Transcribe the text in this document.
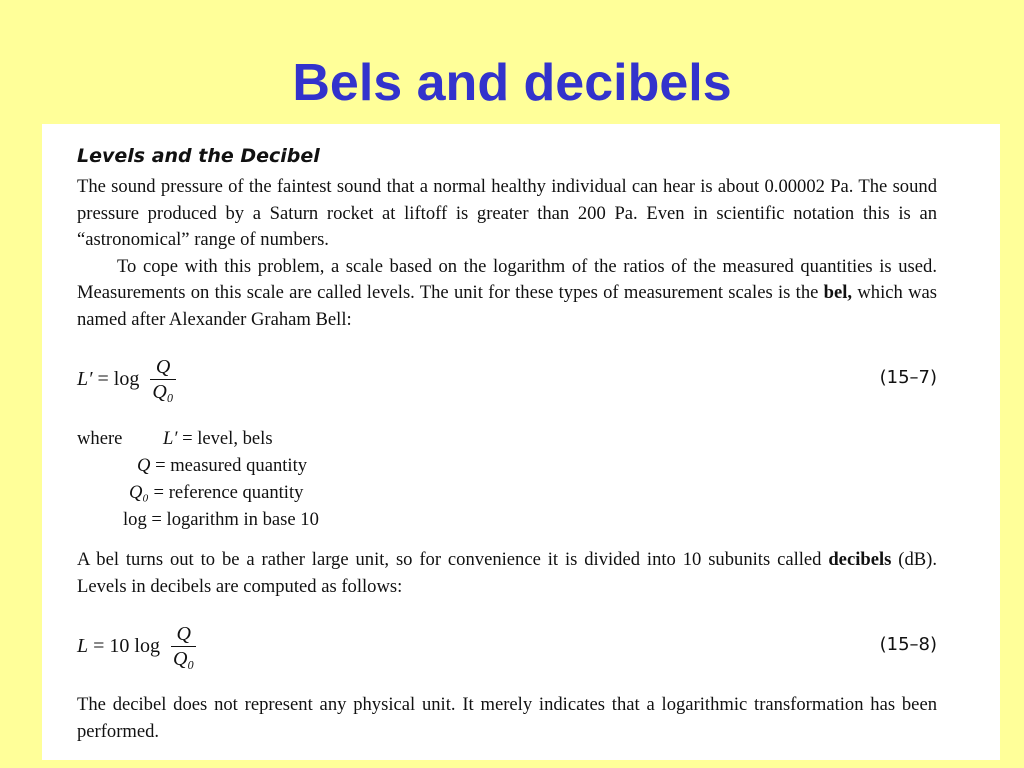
Bels and decibels
Levels and the Decibel

The sound pressure of the faintest sound that a normal healthy individual can hear is about 0.00002 Pa. The sound pressure produced by a Saturn rocket at liftoff is greater than 200 Pa. Even in scientific notation this is an “astronomical” range of numbers.

To cope with this problem, a scale based on the logarithm of the ratios of the measured quantities is used. Measurements on this scale are called levels. The unit for these types of measurement scales is the bel, which was named after Alexander Graham Bell:

$L' = \log \frac{Q}{\text{Q₀}}$	(15–7)
where	L′ = level, bels
Q = measured quantity
Q₀ = reference quantity
log = logarithm in base 10

A bel turns out to be a rather large unit, so for convenience it is divided into 10 subunits called decibels (dB). Levels in decibels are computed as follows:

L = 10 $\log \frac{Q}{\text{Q₀}}$	(15–8)

The decibel does not represent any physical unit. It merely indicates that a logarithmic transformation has been performed.
